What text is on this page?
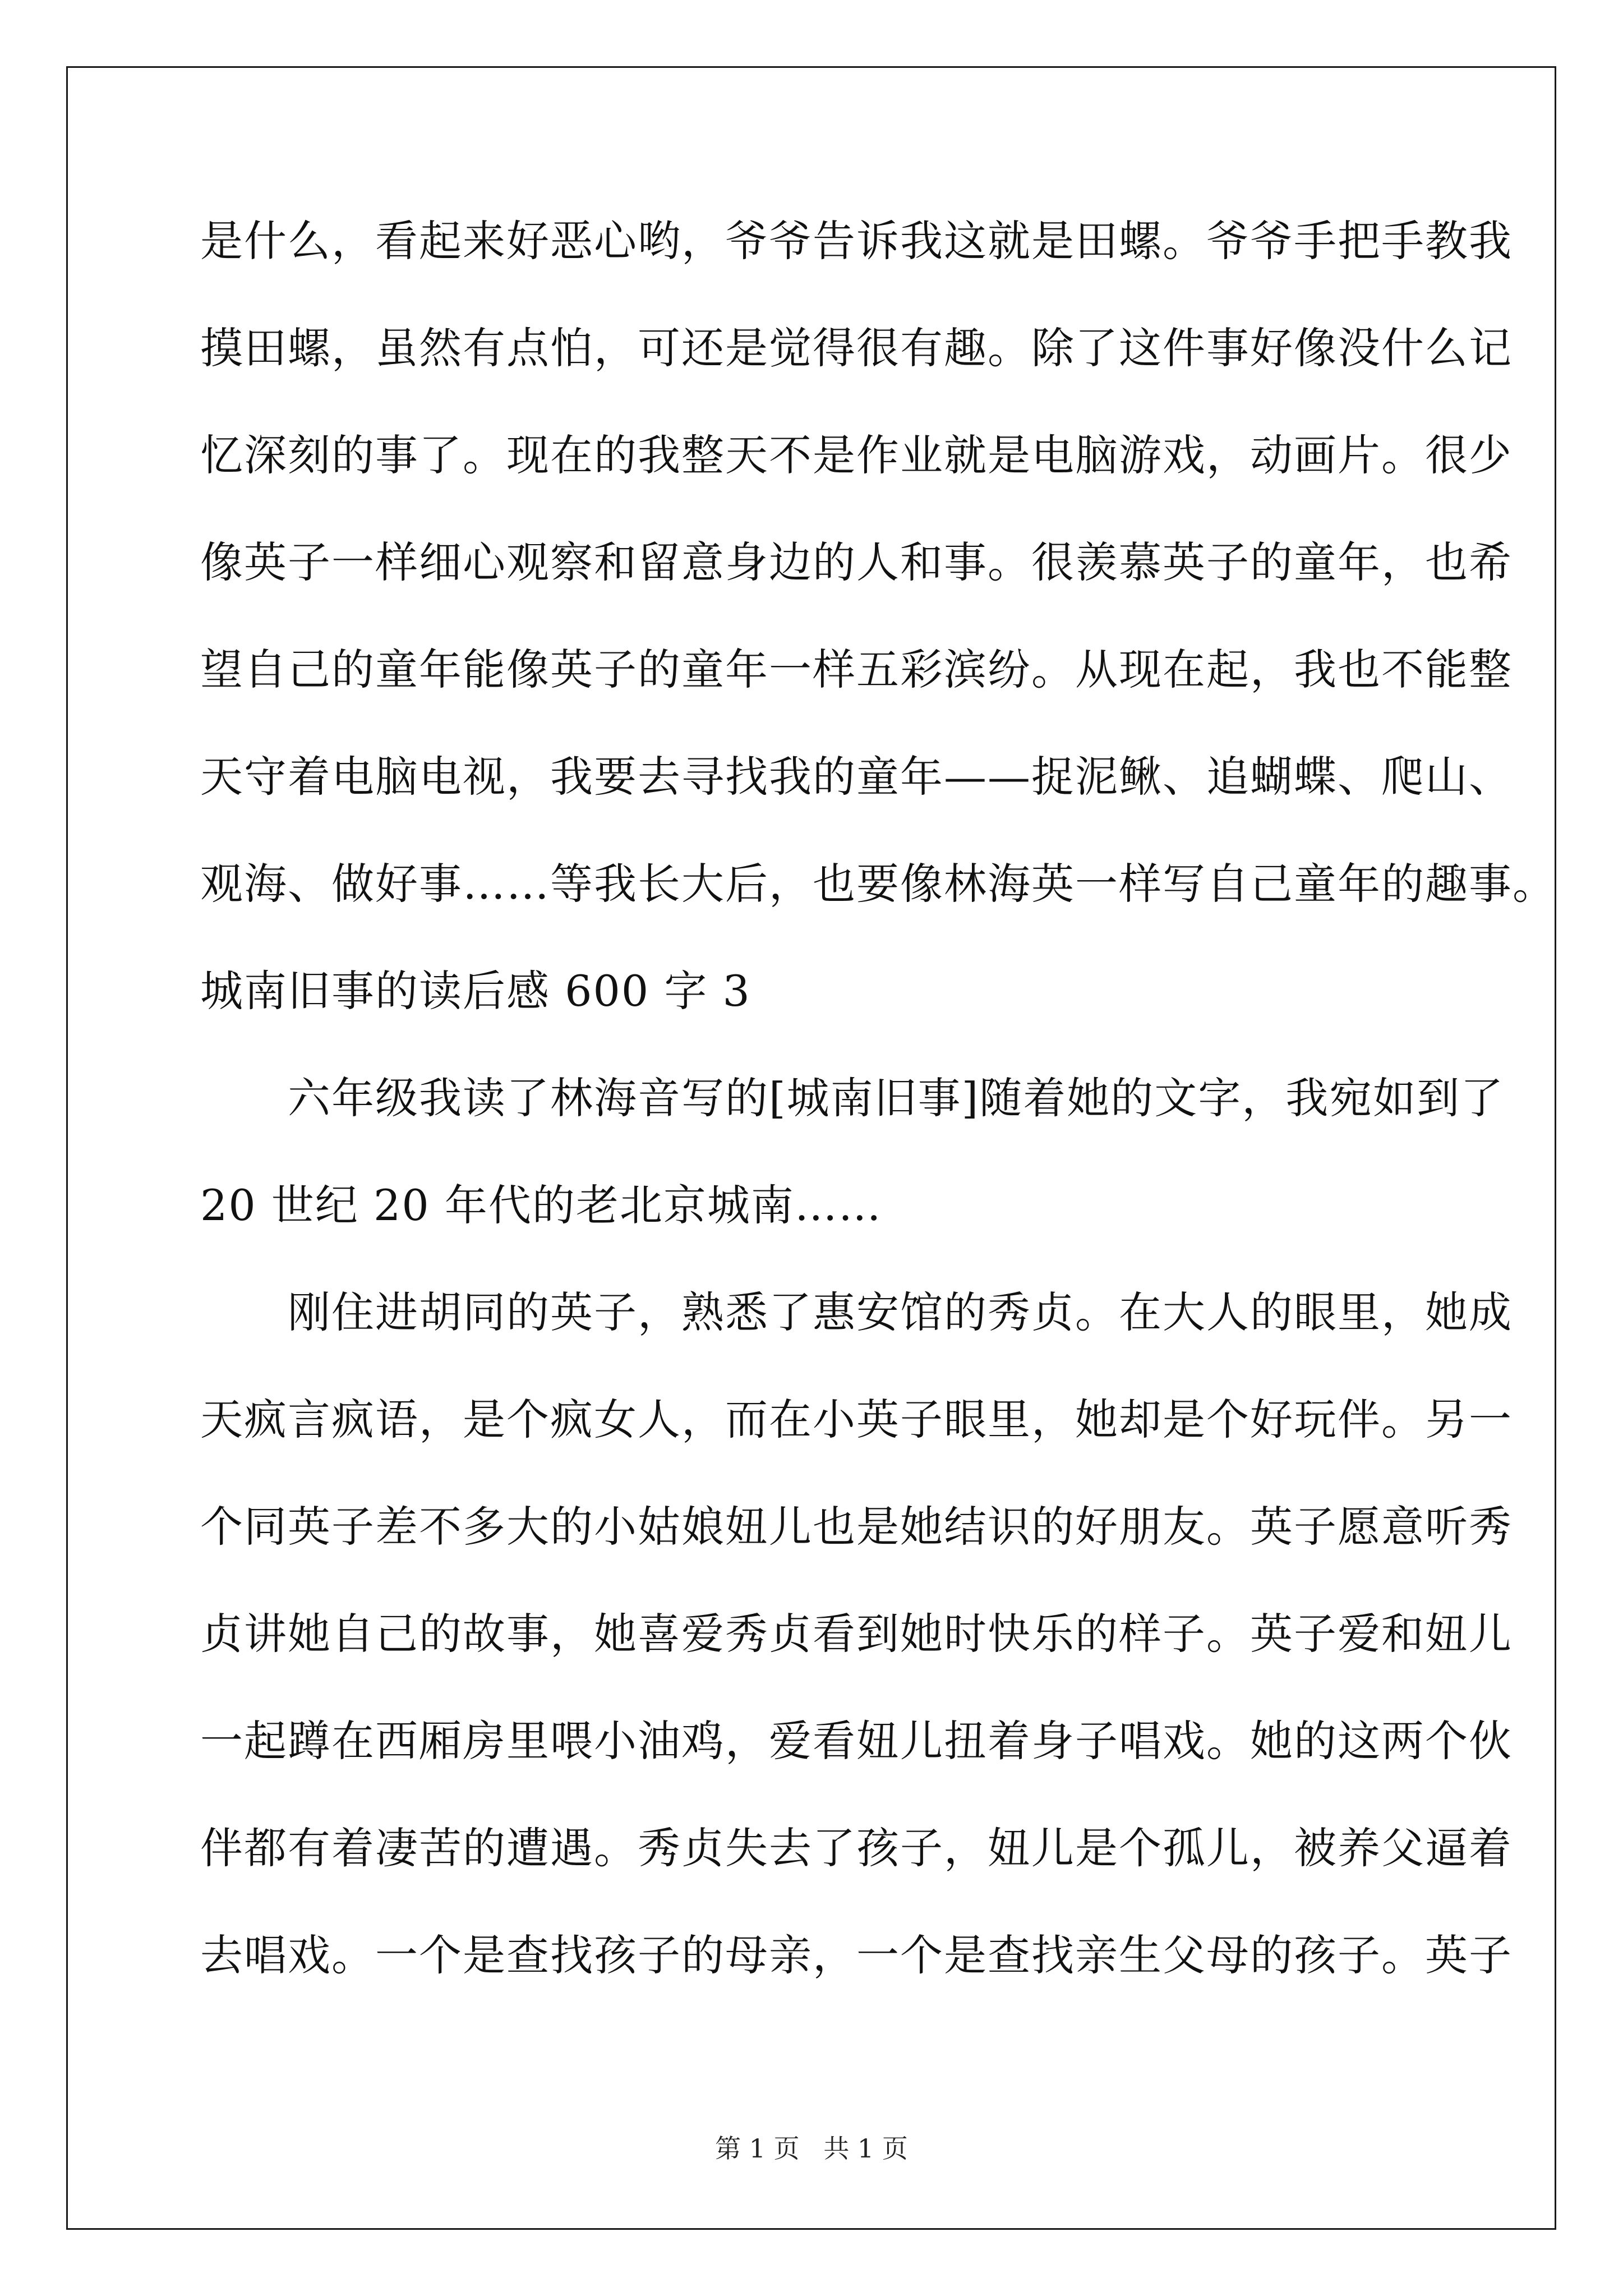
是什么，看起来好恶心哟，爷爷告诉我这就是田螺。爷爷手把手教我
摸田螺，虽然有点怕，可还是觉得很有趣。除了这件事好像没什么记
忆深刻的事了。现在的我整天不是作业就是电脑游戏，动画片。很少
像英子一样细心观察和留意身边的人和事。很羡慕英子的童年，也希
望自己的童年能像英子的童年一样五彩滨纷。从现在起，我也不能整
天守着电脑电视，我要去寻找我的童年——捉泥鳅、追蝴蝶、爬山、
观海、做好事……等我长大后，也要像林海英一样写自己童年的趣事。
城南旧事的读后感 600 字 3
　　六年级我读了林海音写的[城南旧事]随着她的文字，我宛如到了
20 世纪 20 年代的老北京城南……
　　刚住进胡同的英子，熟悉了惠安馆的秀贞。在大人的眼里，她成
天疯言疯语，是个疯女人，而在小英子眼里，她却是个好玩伴。另一
个同英子差不多大的小姑娘妞儿也是她结识的好朋友。英子愿意听秀
贞讲她自己的故事，她喜爱秀贞看到她时快乐的样子。英子爱和妞儿
一起蹲在西厢房里喂小油鸡，爱看妞儿扭着身子唱戏。她的这两个伙
伴都有着凄苦的遭遇。秀贞失去了孩子，妞儿是个孤儿，被养父逼着
去唱戏。一个是查找孩子的母亲，一个是查找亲生父母的孩子。英子
第 1 页 共 1 页
